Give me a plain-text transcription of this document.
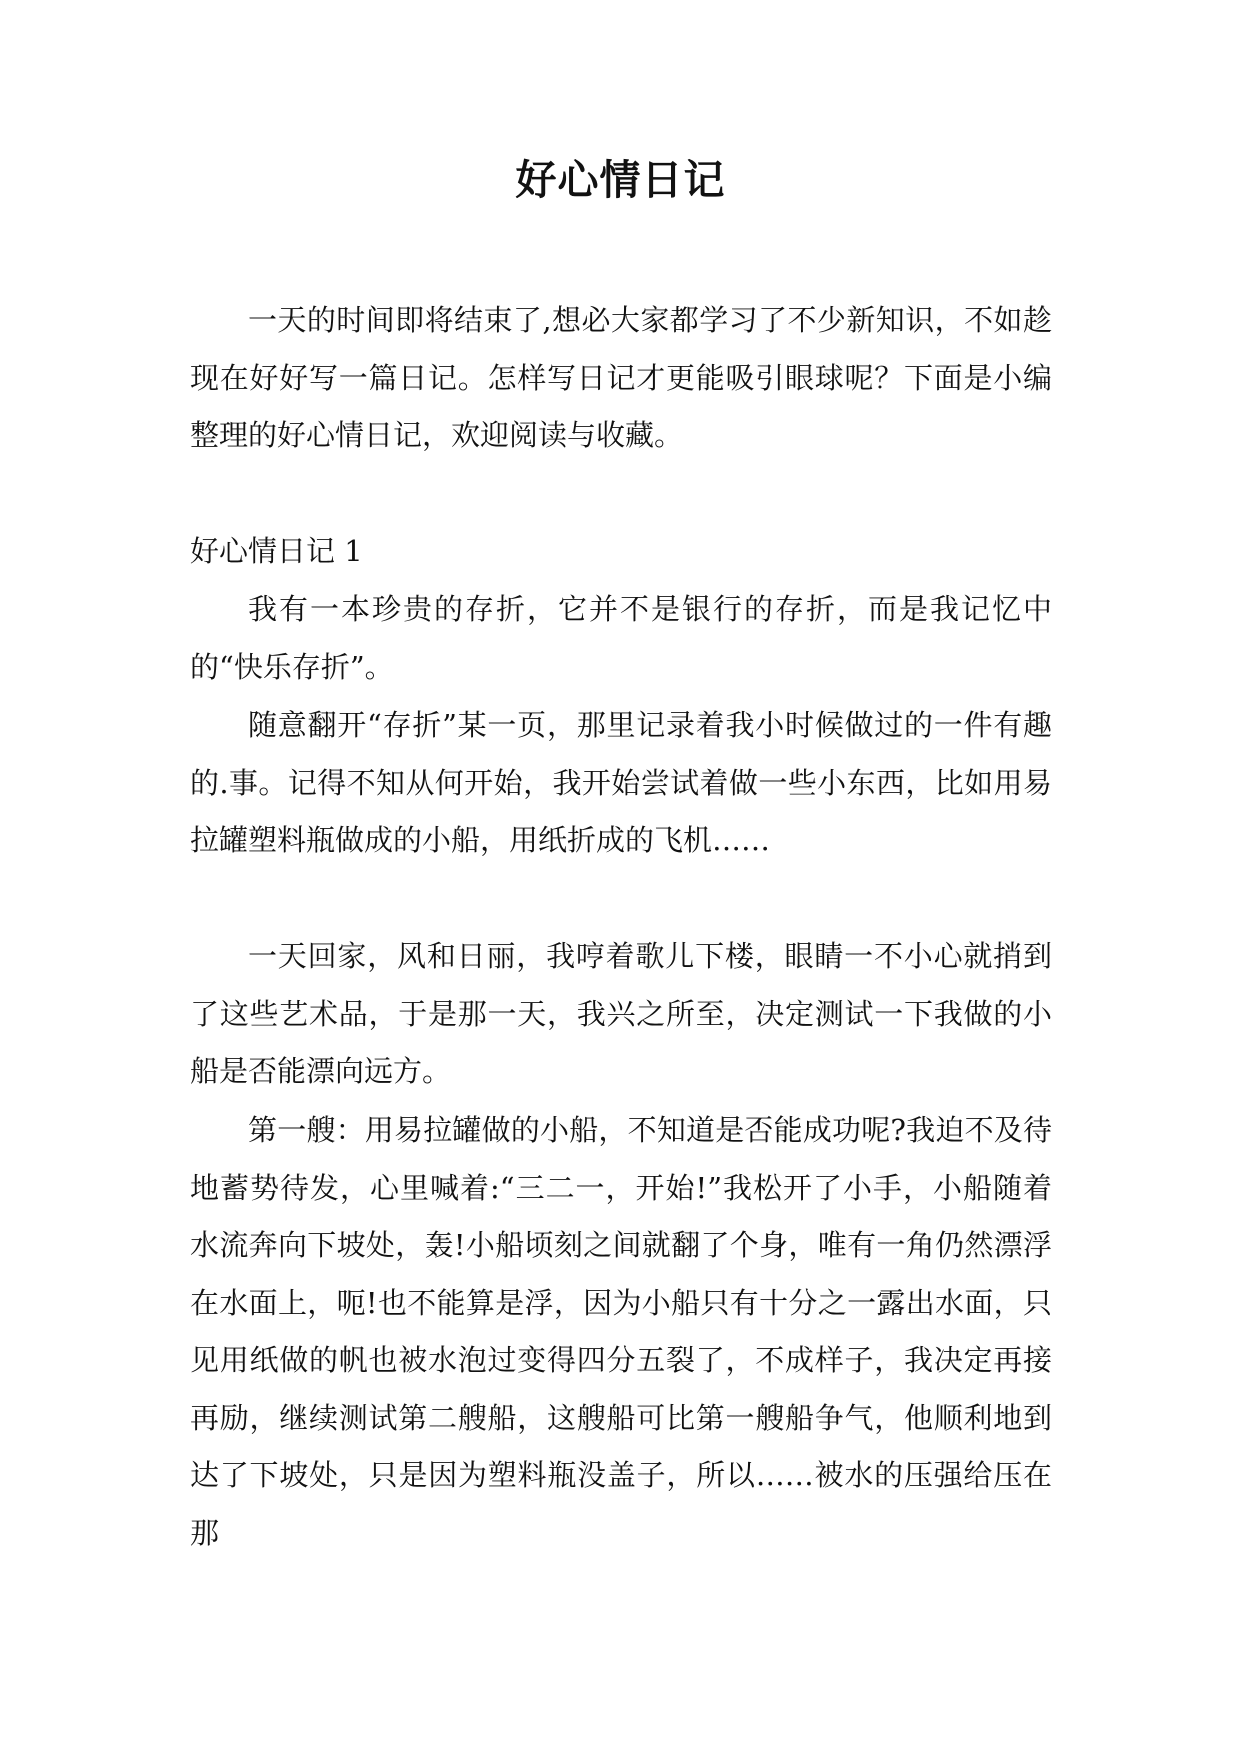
好心情日记

一天的时间即将结束了,想必大家都学习了不少新知识，不如趁现在好好写一篇日记。怎样写日记才更能吸引眼球呢？下面是小编整理的好心情日记，欢迎阅读与收藏。

好心情日记 1

我有一本珍贵的存折，它并不是银行的存折，而是我记忆中的“快乐存折”。

随意翻开“存折”某一页，那里记录着我小时候做过的一件有趣的.事。记得不知从何开始，我开始尝试着做一些小东西，比如用易拉罐塑料瓶做成的小船，用纸折成的飞机……

一天回家，风和日丽，我哼着歌儿下楼，眼睛一不小心就捎到了这些艺术品，于是那一天，我兴之所至，决定测试一下我做的小船是否能漂向远方。

第一艘：用易拉罐做的小船，不知道是否能成功呢?我迫不及待地蓄势待发，心里喊着:“三二一，开始!”我松开了小手，小船随着水流奔向下坡处，轰!小船顷刻之间就翻了个身，唯有一角仍然漂浮在水面上，呃!也不能算是浮，因为小船只有十分之一露出水面，只见用纸做的帆也被水泡过变得四分五裂了，不成样子，我决定再接再励，继续测试第二艘船，这艘船可比第一艘船争气，他顺利地到达了下坡处，只是因为塑料瓶没盖子，所以……被水的压强给压在那
